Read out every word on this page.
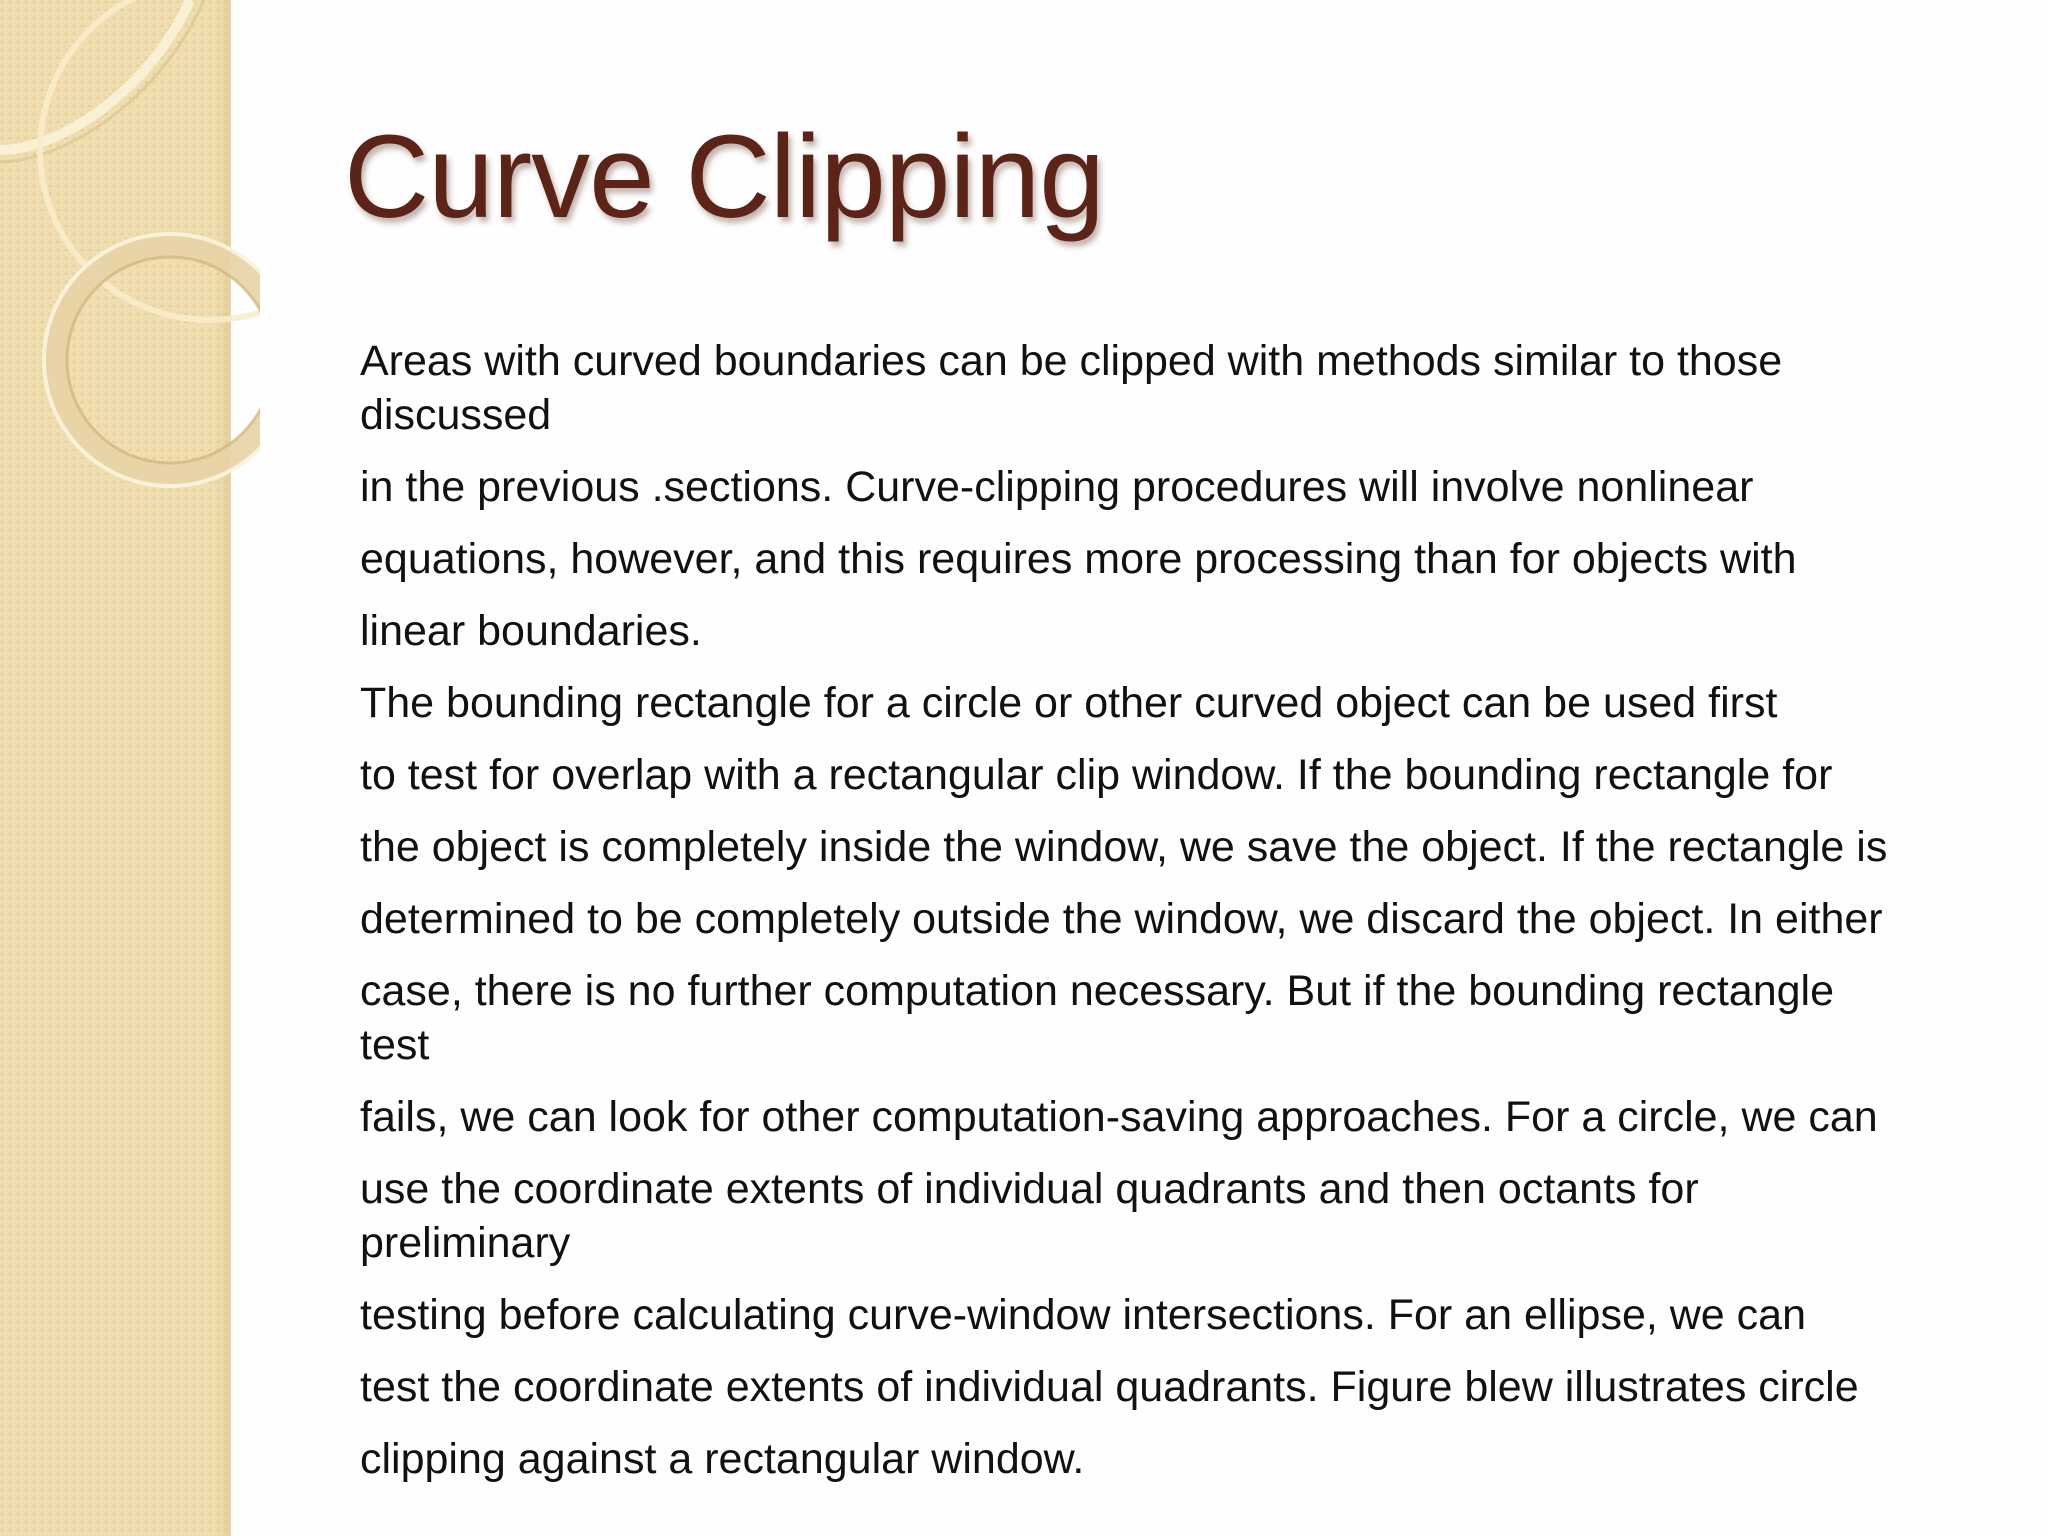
Curve Clipping

Areas with curved boundaries can be clipped with methods similar to those
discussed

in the previous .sections. Curve-clipping procedures will involve nonlinear

equations, however, and this requires more processing than for objects with

linear boundaries.

The bounding rectangle for a circle or other curved object can be used first

to test for overlap with a rectangular clip window. If the bounding rectangle for

the object is completely inside the window, we save the object. If the rectangle is

determined to be completely outside the window, we discard the object. In either

case, there is no further computation necessary. But if the bounding rectangle
test

fails, we can look for other computation-saving approaches. For a circle, we can

use the coordinate extents of individual quadrants and then octants for
preliminary

testing before calculating curve-window intersections. For an ellipse, we can

test the coordinate extents of individual quadrants. Figure blew illustrates circle

clipping against a rectangular window.
